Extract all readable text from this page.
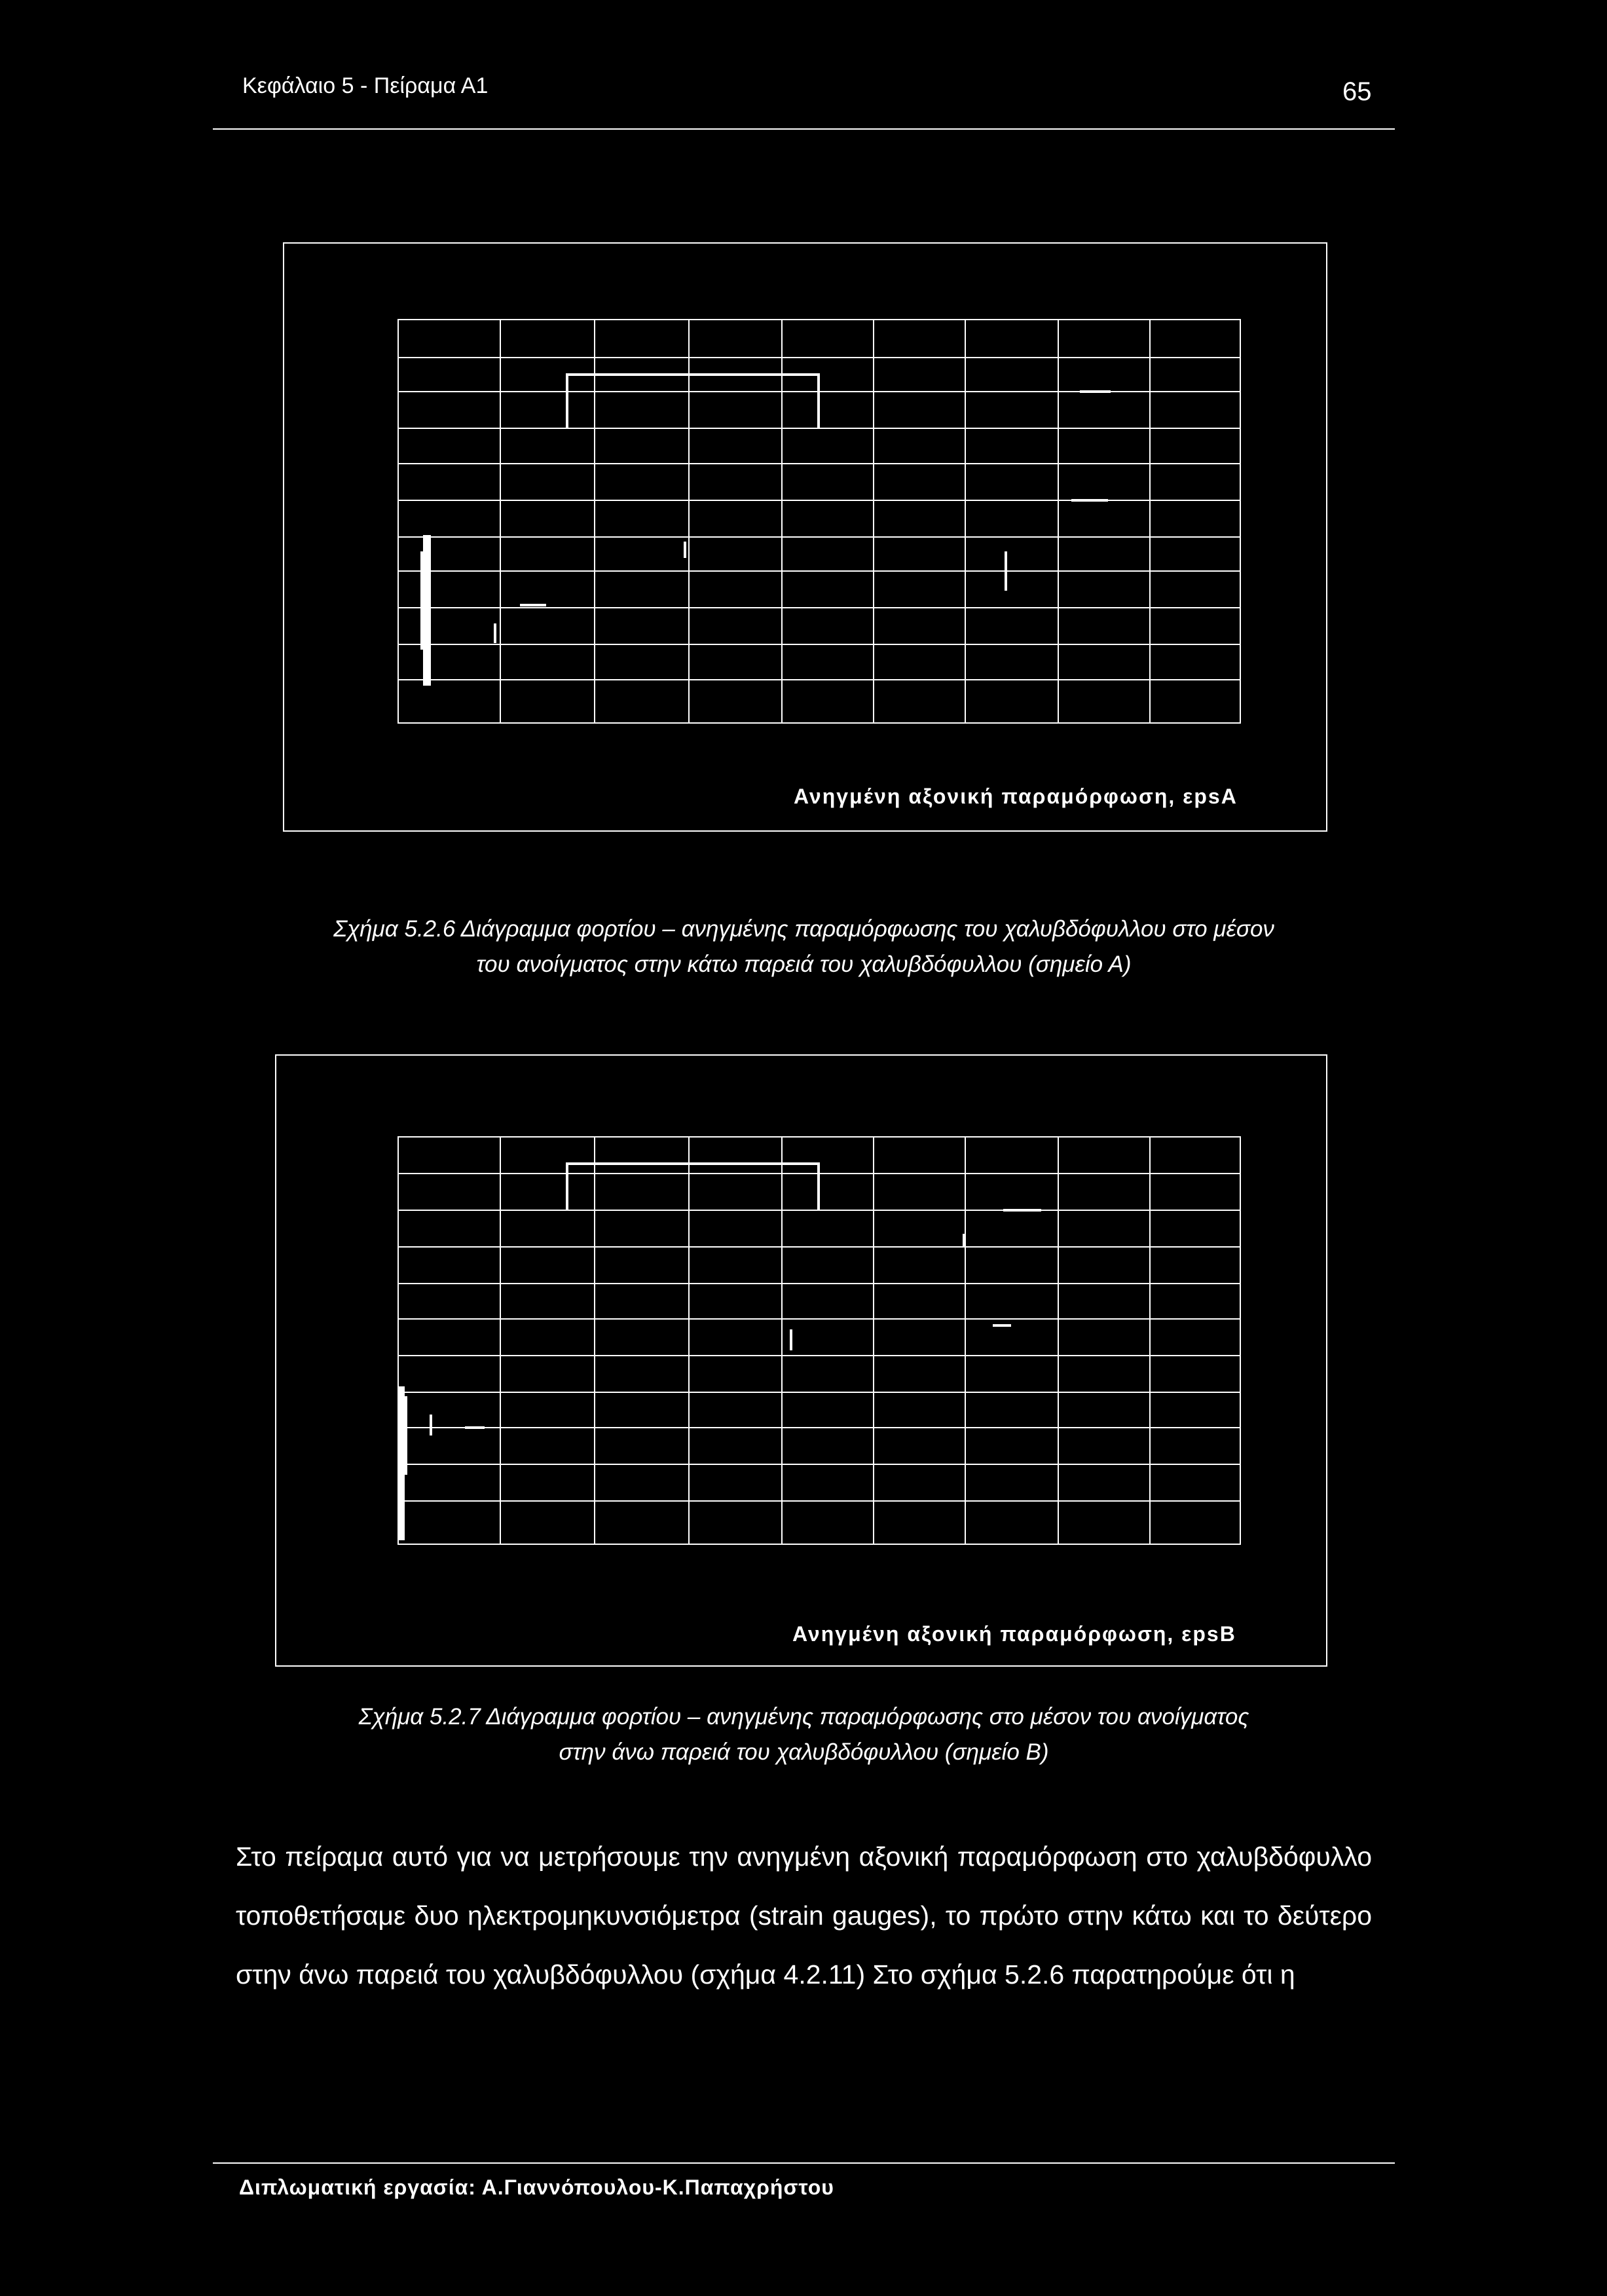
Κεφάλαιο 5 - Πείραμα Α1	65
Ανηγμένη αξονική παραμόρφωση, εpsA
Σχήμα 5.2.6 Διάγραμμα φορτίου – ανηγμένης παραμόρφωσης του χαλυβδόφυλλου στο μέσον
του ανοίγματος στην κάτω παρειά του χαλυβδόφυλλου (σημείο Α)
Ανηγμένη αξονική παραμόρφωση, εpsB
Σχήμα 5.2.7 Διάγραμμα φορτίου – ανηγμένης παραμόρφωσης στο μέσον του ανοίγματος
στην άνω παρειά του χαλυβδόφυλλου (σημείο Β)
Στο πείραμα αυτό για να μετρήσουμε την ανηγμένη αξονική παραμόρφωση στο χαλυβδόφυλλο τοποθετήσαμε δυο ηλεκτρομηκυνσιόμετρα (strain gauges), το πρώτο στην κάτω και το δεύτερο στην άνω παρειά του χαλυβδόφυλλου (σχήμα 4.2.11) Στο σχήμα 5.2.6 παρατηρούμε ότι η
Διπλωματική εργασία: Α.Γιαννόπουλου-Κ.Παπαχρήστου
